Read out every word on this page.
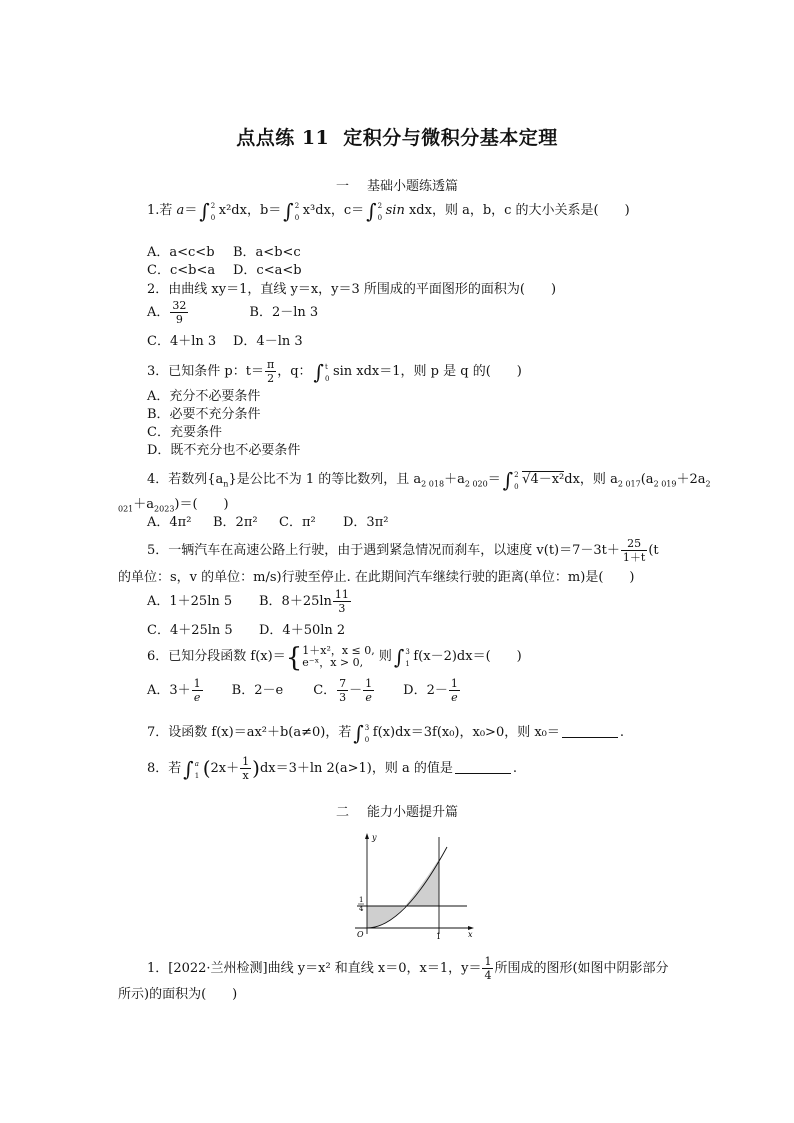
点点练 11 定积分与微积分基本定理
一 基础小题练透篇
1.若 a＝ ∫ 2
0 x²dx，b＝ ∫ 2
0 x³dx，c＝ ∫ 2
0 sin xdx，则 a，b，c 的大小关系是(　　)
A．a<c<b B．a<b<c
C．c<b<a D．c<a<b
2．由曲线 xy＝1，直线 y＝x，y＝3 所围成的平面图形的面积为(　　)
A． $\frac{32}{9}$	B．2－ln 3
C．4＋ln 3 D．4－ln 3
3．已知条件 p：$t= \frac{\pi}{2}$ ，q： ∫ t
0 sin xdx＝1，则 p 是 q 的(　　)
A．充分不必要条件
B．必要不充分条件
C．充要条件
D．既不充分也不必要条件
4．若数列$\{a_n\}$是公比不为 1 的等比数列，且 $a_{2 018}+a_{2 020}=$ ∫ 2
0 √4－x²dx，则 $a_{2 017}(a_{2 019}+2a_2$
$_{021}+a_{2023})=$(　　)
A．4π² B．2π² C．π² D．3π²
5．一辆汽车在高速公路上行驶，由于遇到紧急情况而刹车，以速度 $v(t)=7-3t+ \frac{25}{1+t} (t$
的单位：s，v 的单位：m/s)行驶至停止. 在此期间汽车继续行驶的距离(单位：m)是(　　)
A．1＋25ln 5 B．$8+25\ln \frac{11}{3}$
C．4＋25ln 5 D．4＋50ln 2
6．已知分段函数 f(x)＝{ 1＋x²，x ≤ 0,
e⁻ˣ，x > 0,	则 ∫ 3
1 f(x－2)dx＝(　　)
A．$3+ \frac{1}{e}$ B．2－e C． $\frac{7}{3} - \frac{1}{e}$ D．$2- \frac{1}{e}$
7．设函数 f(x)＝ax²＋b(a≠0)，若 ∫ 3
0 f(x)dx＝3f(x₀)，x₀>0，则 x₀＝	.
8．若 ∫ a
1 $(2x+ \frac{1}{x} )dx=3+\ln$ 2(a>1)，则 a 的值是	.
二 能力小题提升篇
y
x
O	1
1
4
1．[2022·兰州检测]曲线 y＝x² 和直线 x＝0，x＝1，$y= \frac{1}{4}$ 所围成的图形(如图中阴影部分
所示)的面积为(　　)
